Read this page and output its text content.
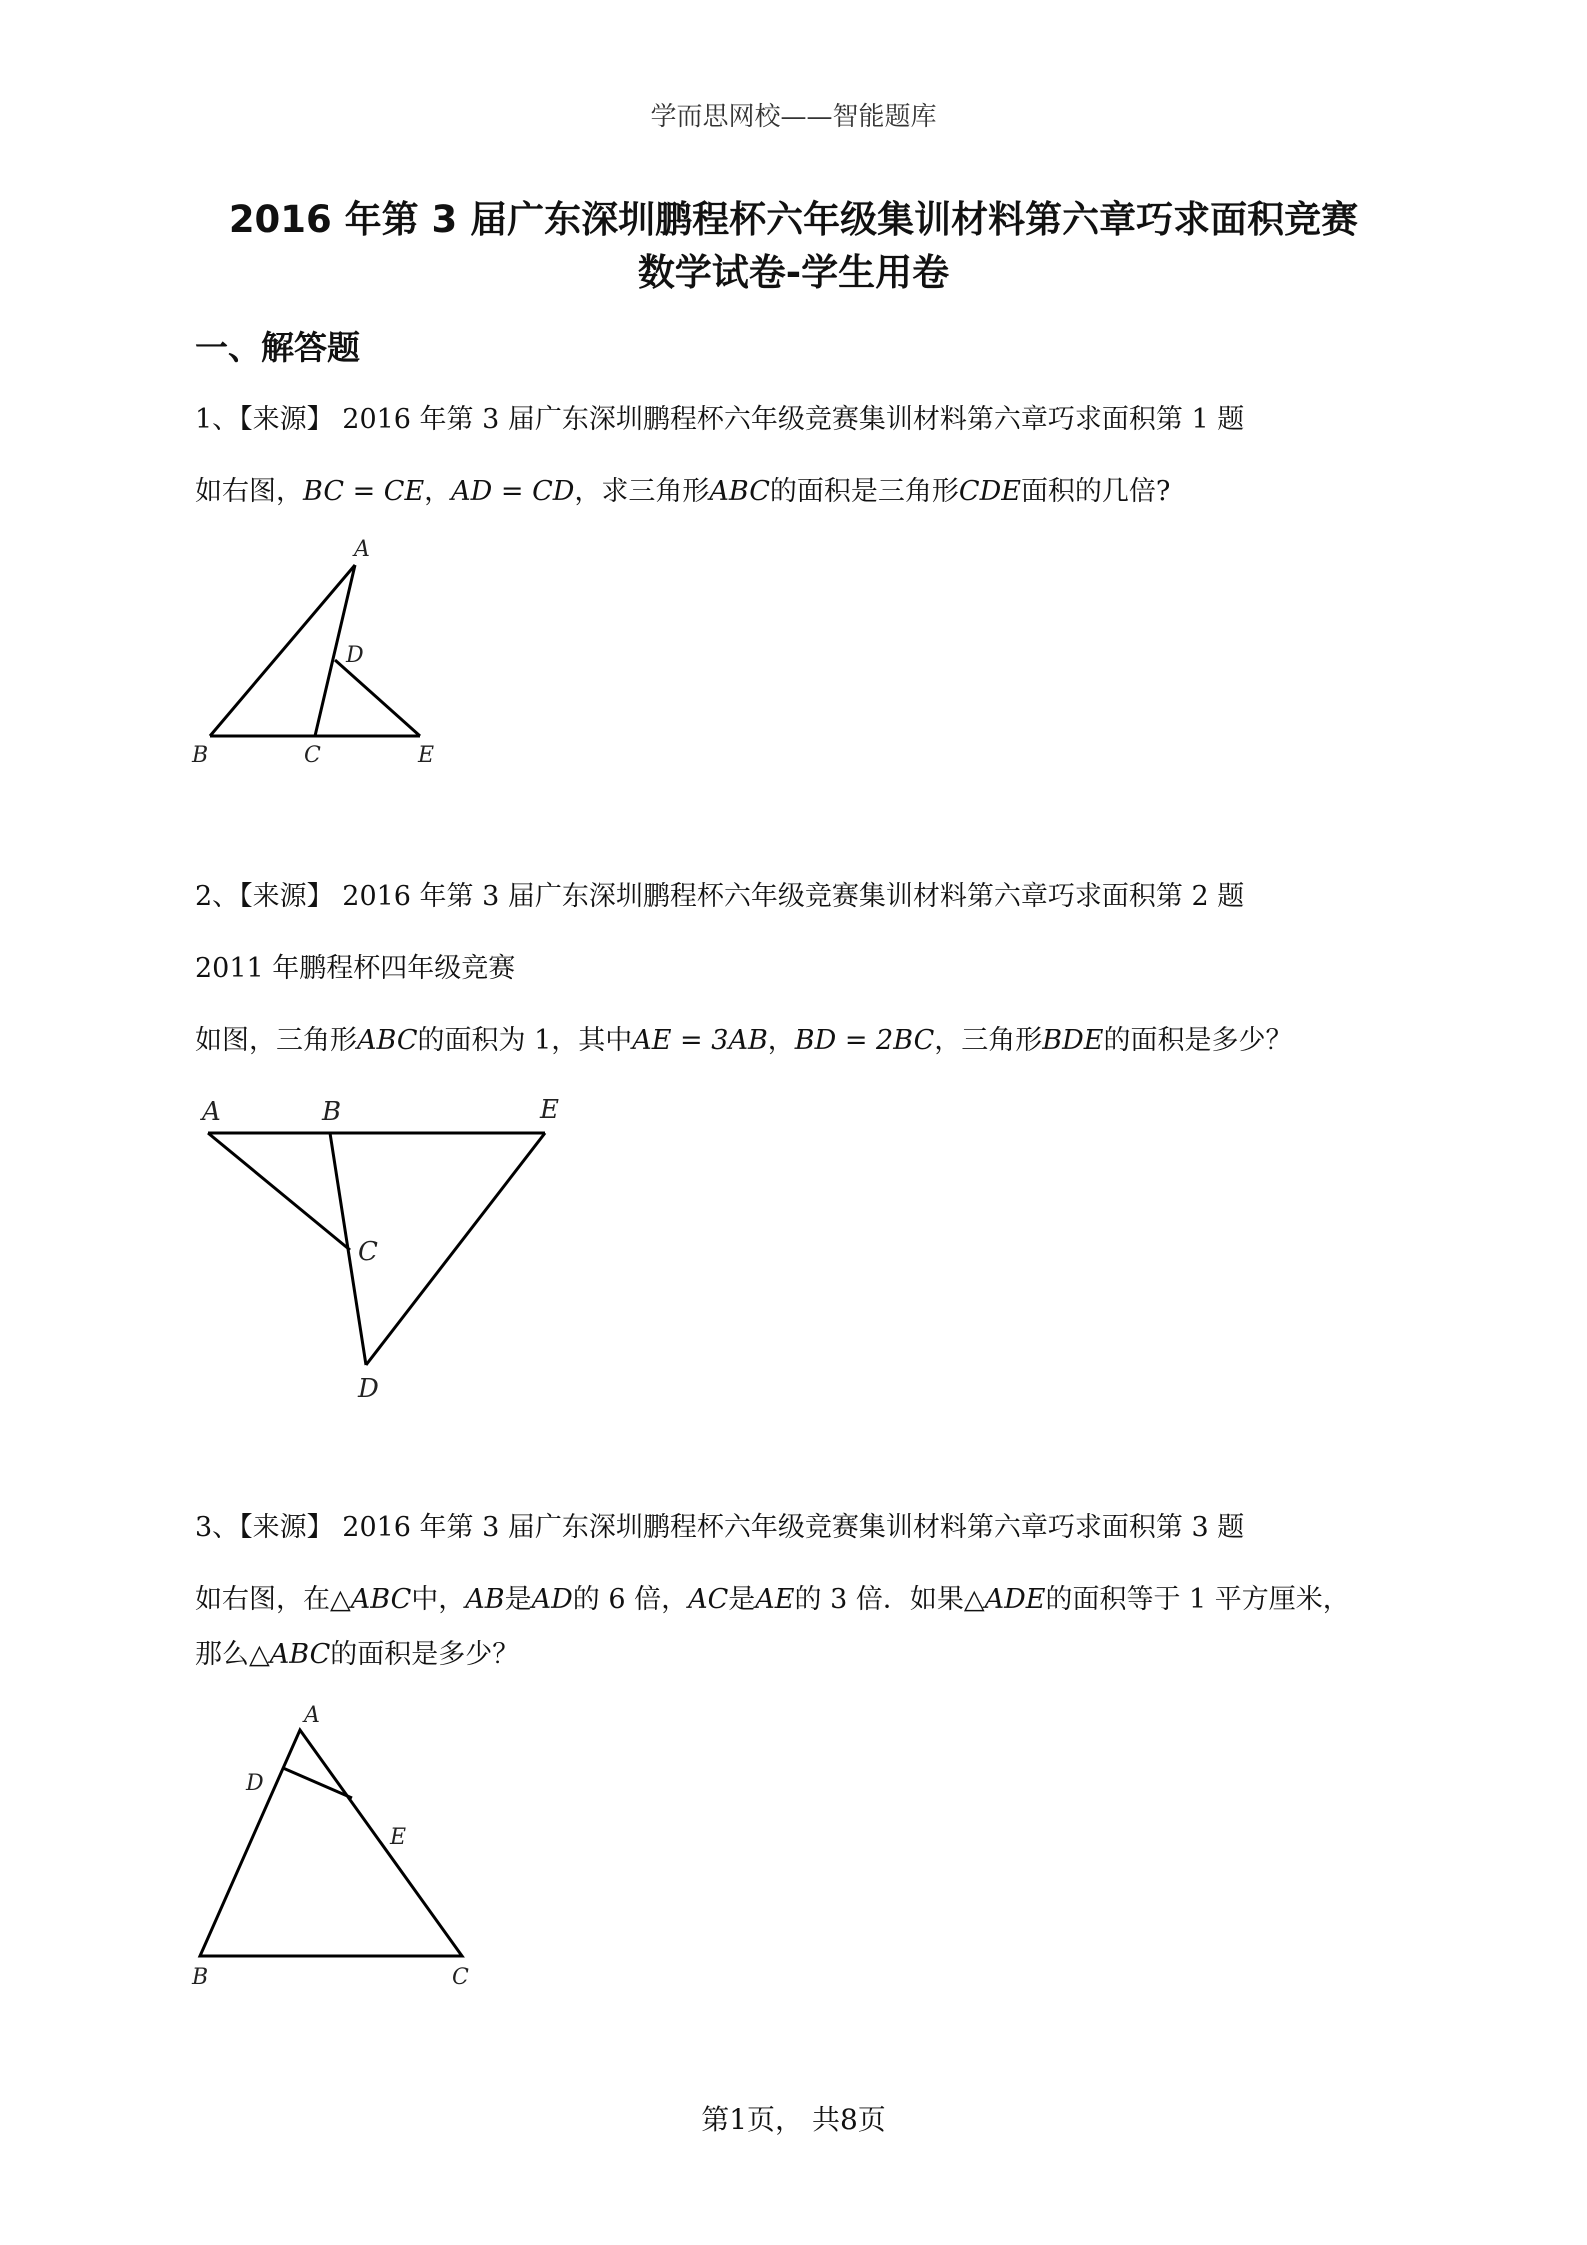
学而思网校——智能题库
2016 年第 3 届广东深圳鹏程杯六年级集训材料第六章巧求面积竞赛
数学试卷-学生用卷
一、解答题
1、【来源】 2016 年第 3 届广东深圳鹏程杯六年级竞赛集训材料第六章巧求面积第 1 题
如右图，BC = CE，AD = CD，求三角形ABC的面积是三角形CDE面积的几倍?
A
D
B	C	E
2、【来源】 2016 年第 3 届广东深圳鹏程杯六年级竞赛集训材料第六章巧求面积第 2 题
2011 年鹏程杯四年级竞赛
如图，三角形ABC的面积为 1，其中AE = 3AB，BD = 2BC，三角形BDE的面积是多少？
A	B	E
C
D
3、【来源】 2016 年第 3 届广东深圳鹏程杯六年级竞赛集训材料第六章巧求面积第 3 题
如右图，在△ABC中，AB是AD的 6 倍，AC是AE的 3 倍．如果△ADE的面积等于 1 平方厘米，
那么△ABC的面积是多少？
A
D
E
B	C
第1页， 共8页
